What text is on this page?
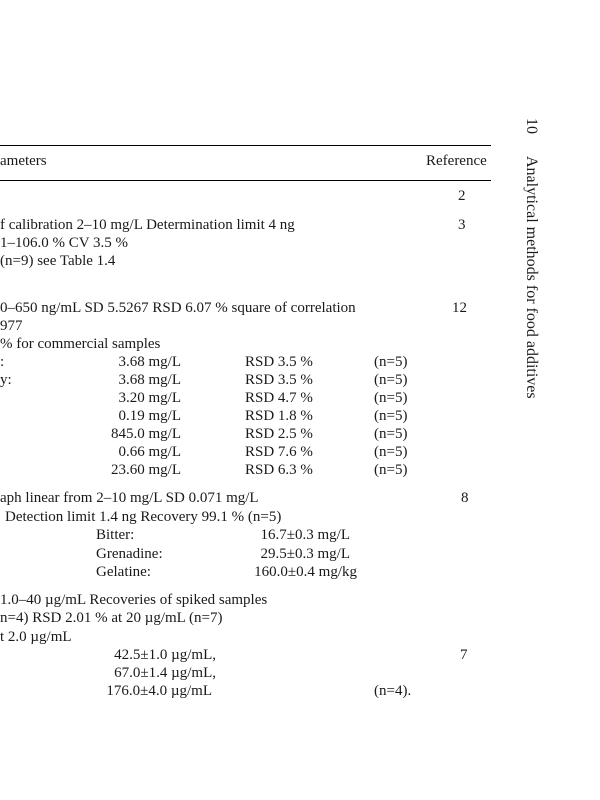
10Analytical methods for food additives
ameters	Reference
2
3
f calibration 2–10 mg/L Determination limit 4 ng
1–106.0 % CV 3.5 %
(n=9) see Table 1.4
12
0–650 ng/mL SD 5.5267 RSD 6.07 % square of correlation
977
% for commercial samples
:
y:
3.68 mg/L
3.68 mg/L
3.20 mg/L
0.19 mg/L
845.0 mg/L
0.66 mg/L
23.60 mg/L
RSD 3.5 %
RSD 3.5 %
RSD 4.7 %
RSD 1.8 %
RSD 2.5 %
RSD 7.6 %
RSD 6.3 %
(n=5)
(n=5)
(n=5)
(n=5)
(n=5)
(n=5)
(n=5)
8
aph linear from 2–10 mg/L SD 0.071 mg/L
Detection limit 1.4 ng Recovery 99.1 % (n=5)
Bitter:
Grenadine:
Gelatine:
16.7±0.3 mg/L
29.5±0.3 mg/L
160.0±0.4 mg/kg
1.0–40 µg/mL Recoveries of spiked samples
n=4) RSD 2.01 % at 20 µg/mL (n=7)
t 2.0 µg/mL
7
42.5±1.0 µg/mL,
67.0±1.4 µg/mL,
176.0±4.0 µg/mL	(n=4).
